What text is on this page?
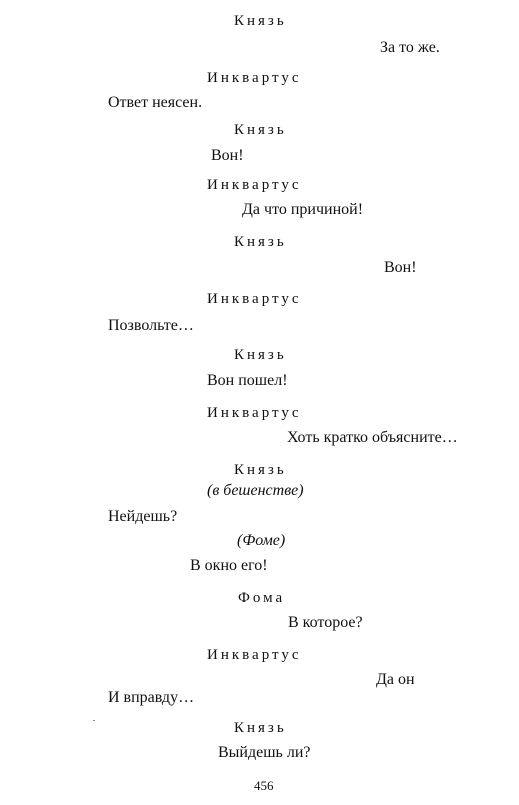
Князь
За то же.
Инквартус
Ответ неясен.
Князь
Вон!
Инквартус
Да что причиной!
Князь
Вон!
Инквартус
Позвольте…
Князь
Вон пошел!
Инквартус
Хоть кратко объясните…
Князь
(в бешенстве)
Нейдешь?
(Фоме)
В окно его!
Фома
В которое?
Инквартус
Да он
И вправду…
Князь
Выйдешь ли?
456
